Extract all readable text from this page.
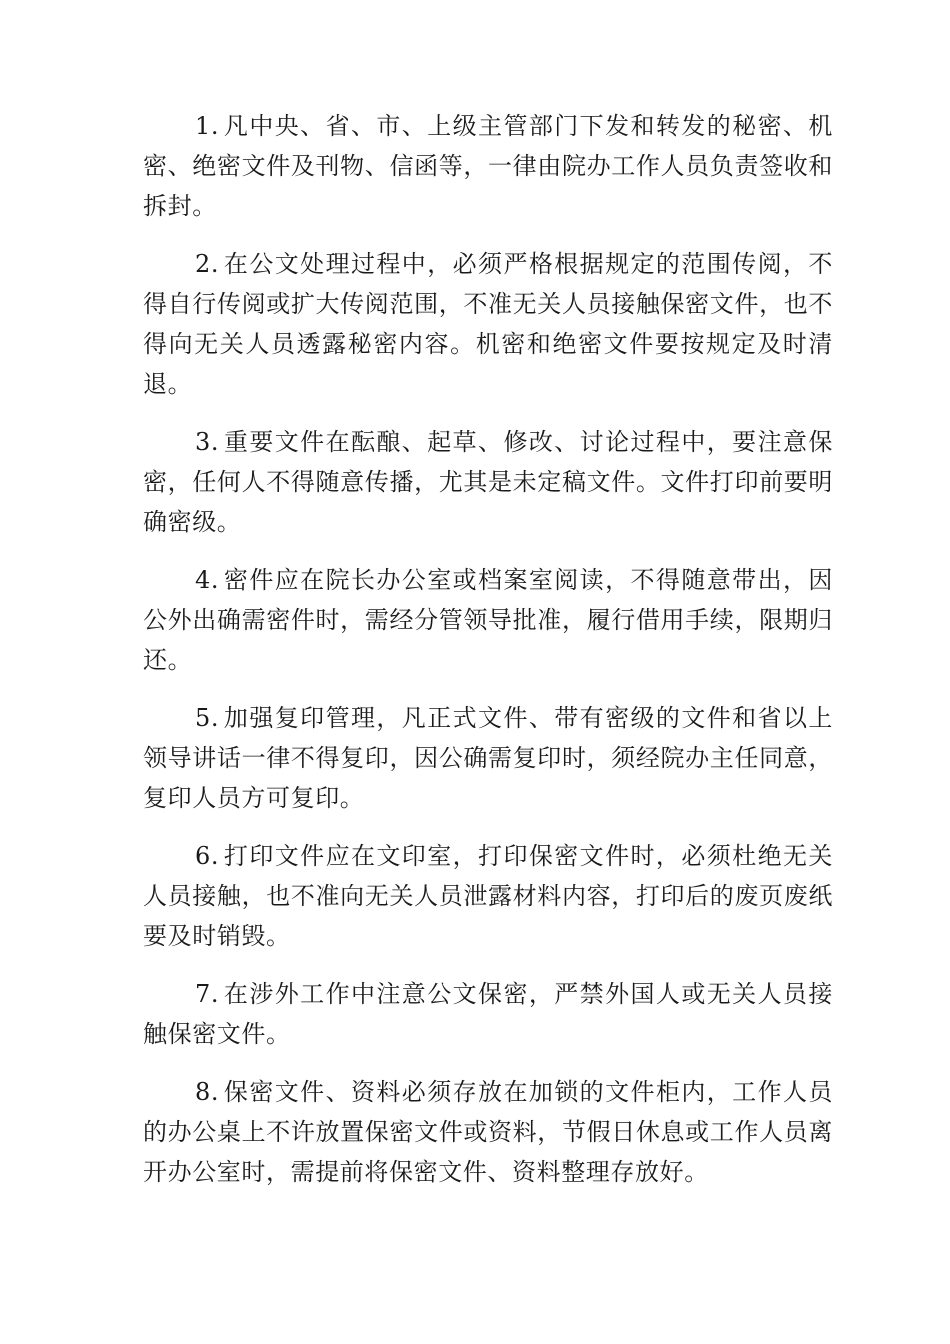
1. 凡中央、省、市、上级主管部门下发和转发的秘密、机密、绝密文件及刊物、信函等，一律由院办工作人员负责签收和拆封。

2. 在公文处理过程中，必须严格根据规定的范围传阅，不得自行传阅或扩大传阅范围，不准无关人员接触保密文件，也不得向无关人员透露秘密内容。机密和绝密文件要按规定及时清退。

3. 重要文件在酝酿、起草、修改、讨论过程中，要注意保密，任何人不得随意传播，尤其是未定稿文件。文件打印前要明确密级。

4. 密件应在院长办公室或档案室阅读，不得随意带出，因公外出确需密件时，需经分管领导批准，履行借用手续，限期归还。

5. 加强复印管理，凡正式文件、带有密级的文件和省以上领导讲话一律不得复印，因公确需复印时，须经院办主任同意，复印人员方可复印。

6. 打印文件应在文印室，打印保密文件时，必须杜绝无关人员接触，也不准向无关人员泄露材料内容，打印后的废页废纸要及时销毁。

7. 在涉外工作中注意公文保密，严禁外国人或无关人员接触保密文件。

8. 保密文件、资料必须存放在加锁的文件柜内，工作人员的办公桌上不许放置保密文件或资料，节假日休息或工作人员离开办公室时，需提前将保密文件、资料整理存放好。
